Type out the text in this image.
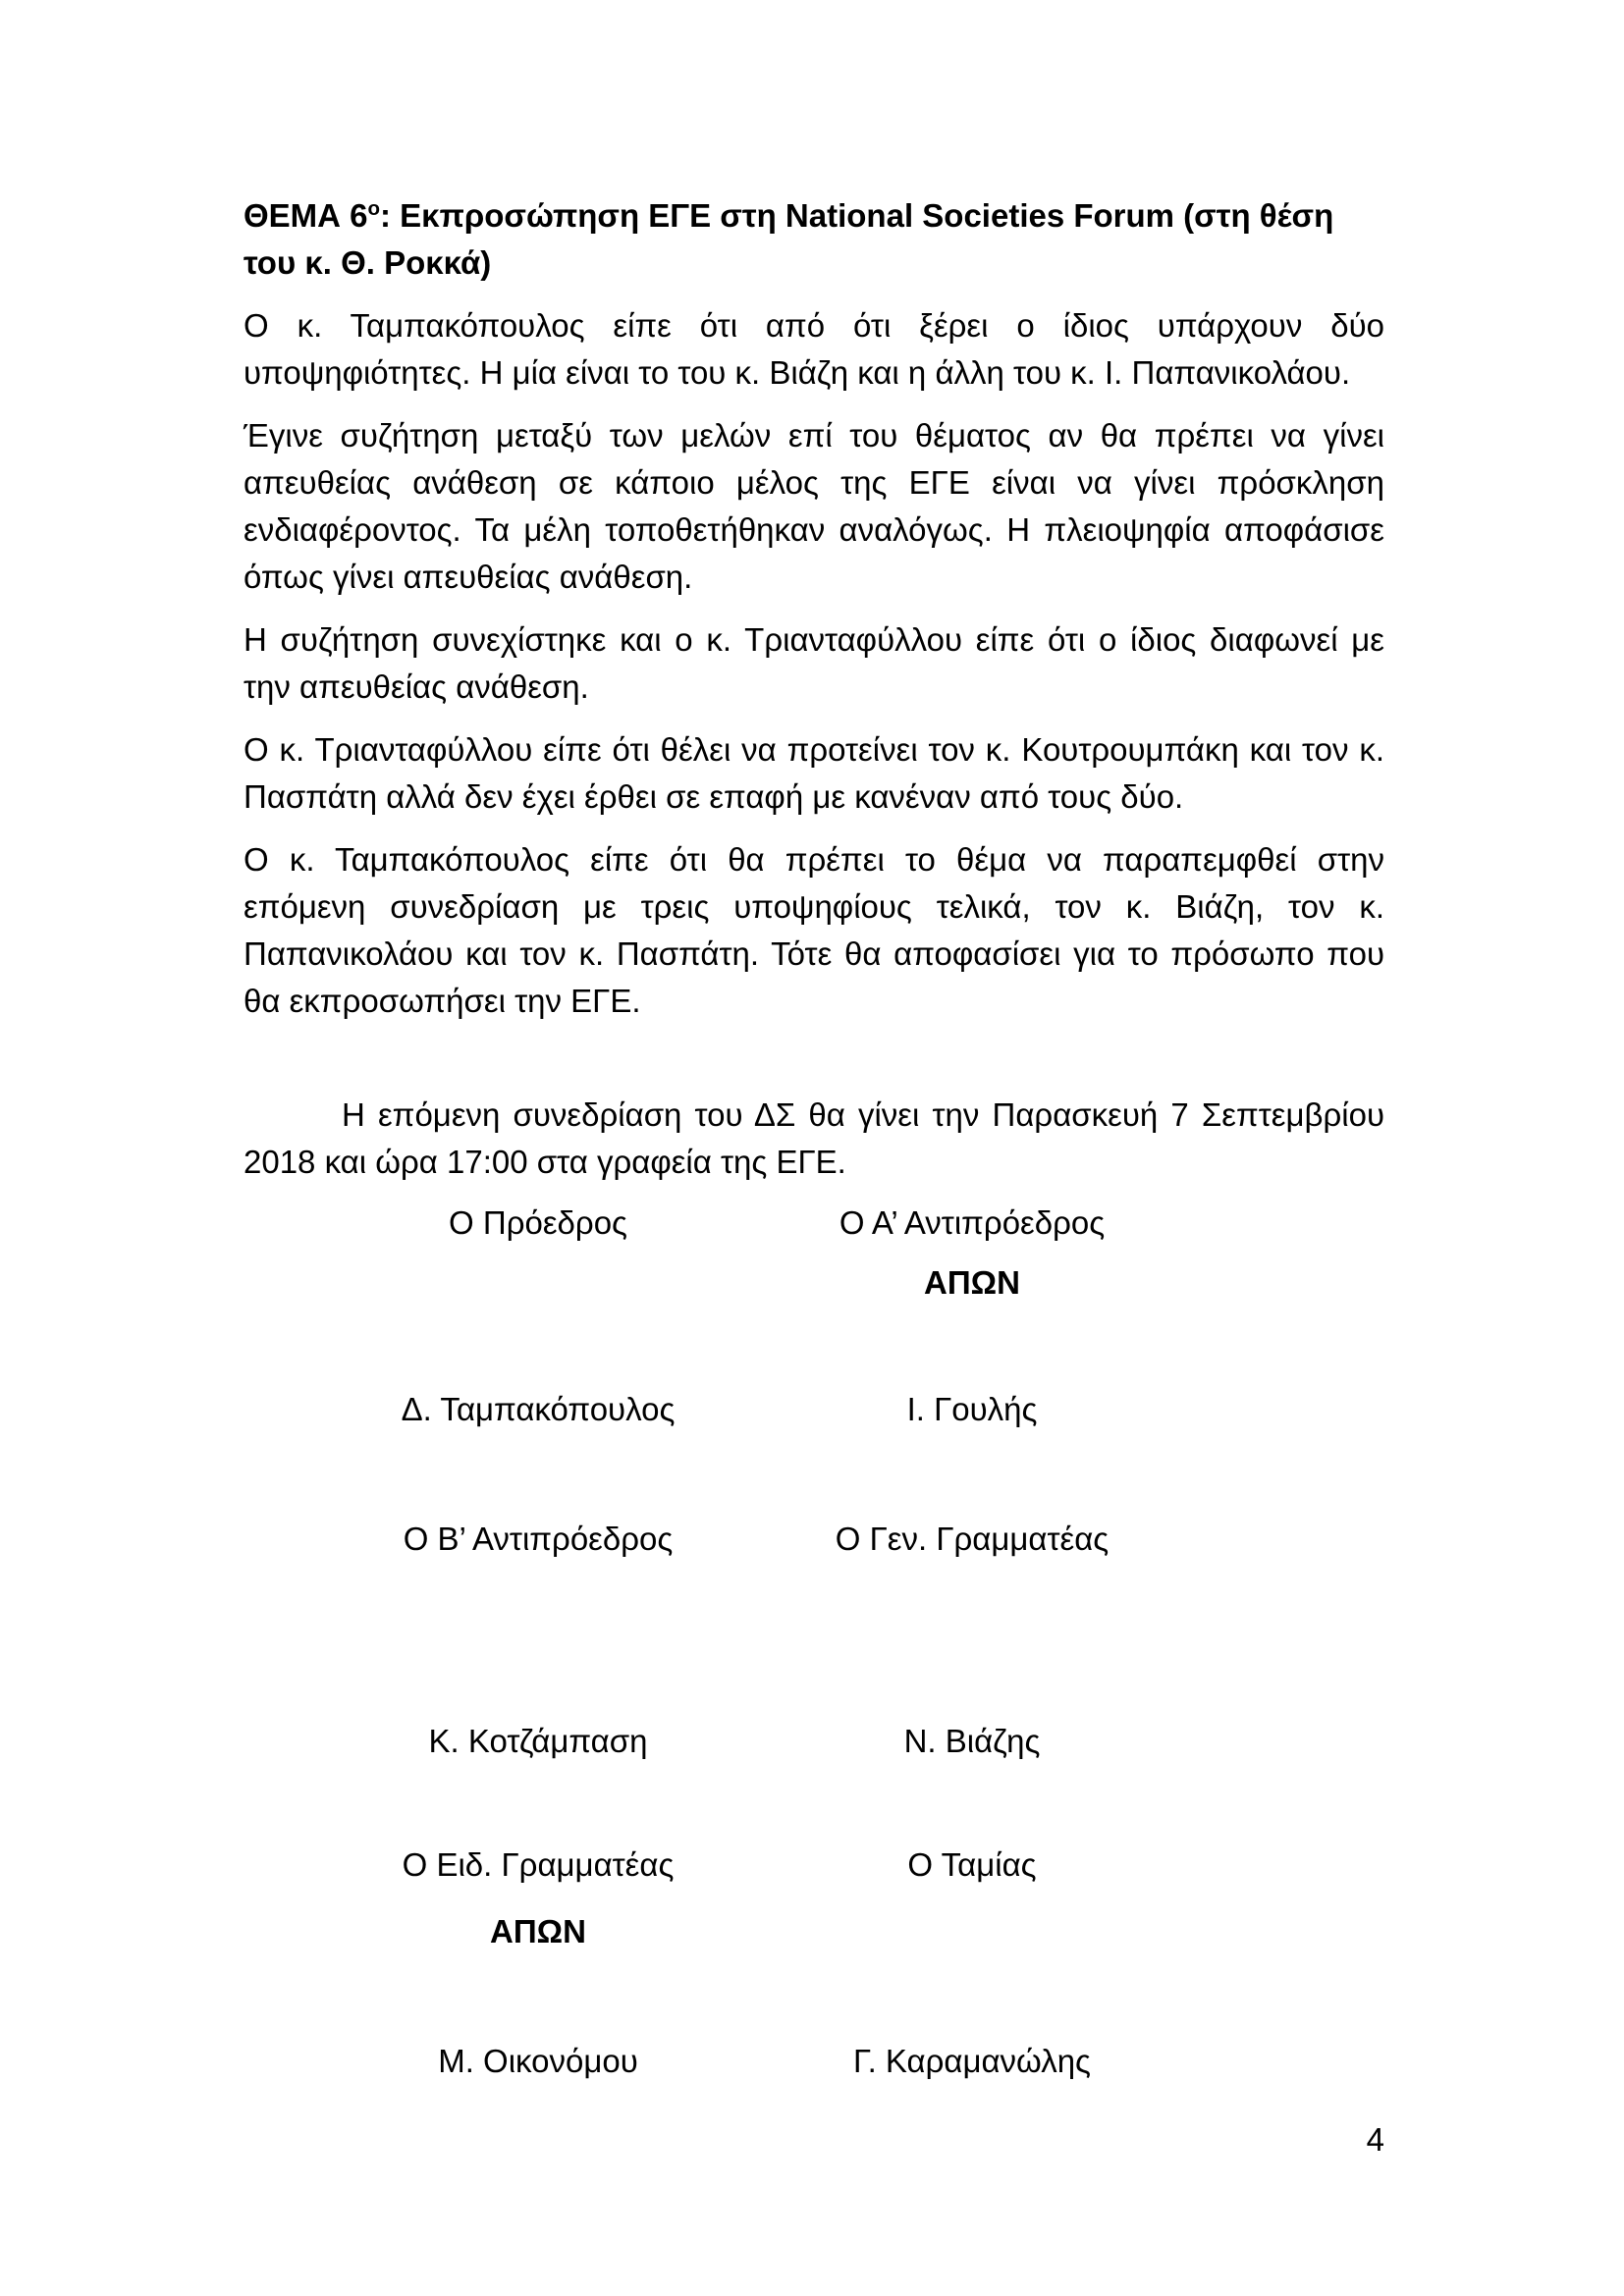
ΘΕΜΑ $6^o$: Εκπροσώπηση ΕΓΕ στη National Societies Forum (στη θέση του κ. Θ. Ροκκά)

Ο κ. Ταμπακόπουλος είπε ότι από ότι ξέρει ο ίδιος υπάρχουν δύο υποψηφιότητες. Η μία είναι το του κ. Βιάζη και η άλλη του κ. Ι. Παπανικολάου.

Έγινε συζήτηση μεταξύ των μελών επί του θέματος αν θα πρέπει να γίνει απευθείας ανάθεση σε κάποιο μέλος της ΕΓΕ είναι να γίνει πρόσκληση ενδιαφέροντος. Τα μέλη τοποθετήθηκαν αναλόγως. Η πλειοψηφία αποφάσισε όπως γίνει απευθείας ανάθεση.

Η συζήτηση συνεχίστηκε και ο κ. Τριανταφύλλου είπε ότι ο ίδιος διαφωνεί με την απευθείας ανάθεση.

Ο κ. Τριανταφύλλου είπε ότι θέλει να προτείνει τον κ. Κουτρουμπάκη και τον κ. Πασπάτη αλλά δεν έχει έρθει σε επαφή με κανέναν από τους δύο.

Ο κ. Ταμπακόπουλος είπε ότι θα πρέπει το θέμα να παραπεμφθεί στην επόμενη συνεδρίαση με τρεις υποψηφίους τελικά, τον κ. Βιάζη, τον κ. Παπανικολάου και τον κ. Πασπάτη. Τότε θα αποφασίσει για το πρόσωπο που θα εκπροσωπήσει την ΕΓΕ.

Η επόμενη συνεδρίαση του ΔΣ θα γίνει την Παρασκευή 7 Σεπτεμβρίου 2018 και ώρα 17:00 στα γραφεία της ΕΓΕ.

Ο Πρόεδρος	Ο Α’ Αντιπρόεδρος
ΑΠΩΝ
Δ. Ταμπακόπουλος	Ι. Γουλής
Ο Β’ Αντιπρόεδρος	Ο Γεν. Γραμματέας
Κ. Κοτζάμπαση	Ν. Βιάζης
Ο Ειδ. Γραμματέας	Ο Ταμίας
ΑΠΩΝ
Μ. Οικονόμου	Γ. Καραμανώλης
4
